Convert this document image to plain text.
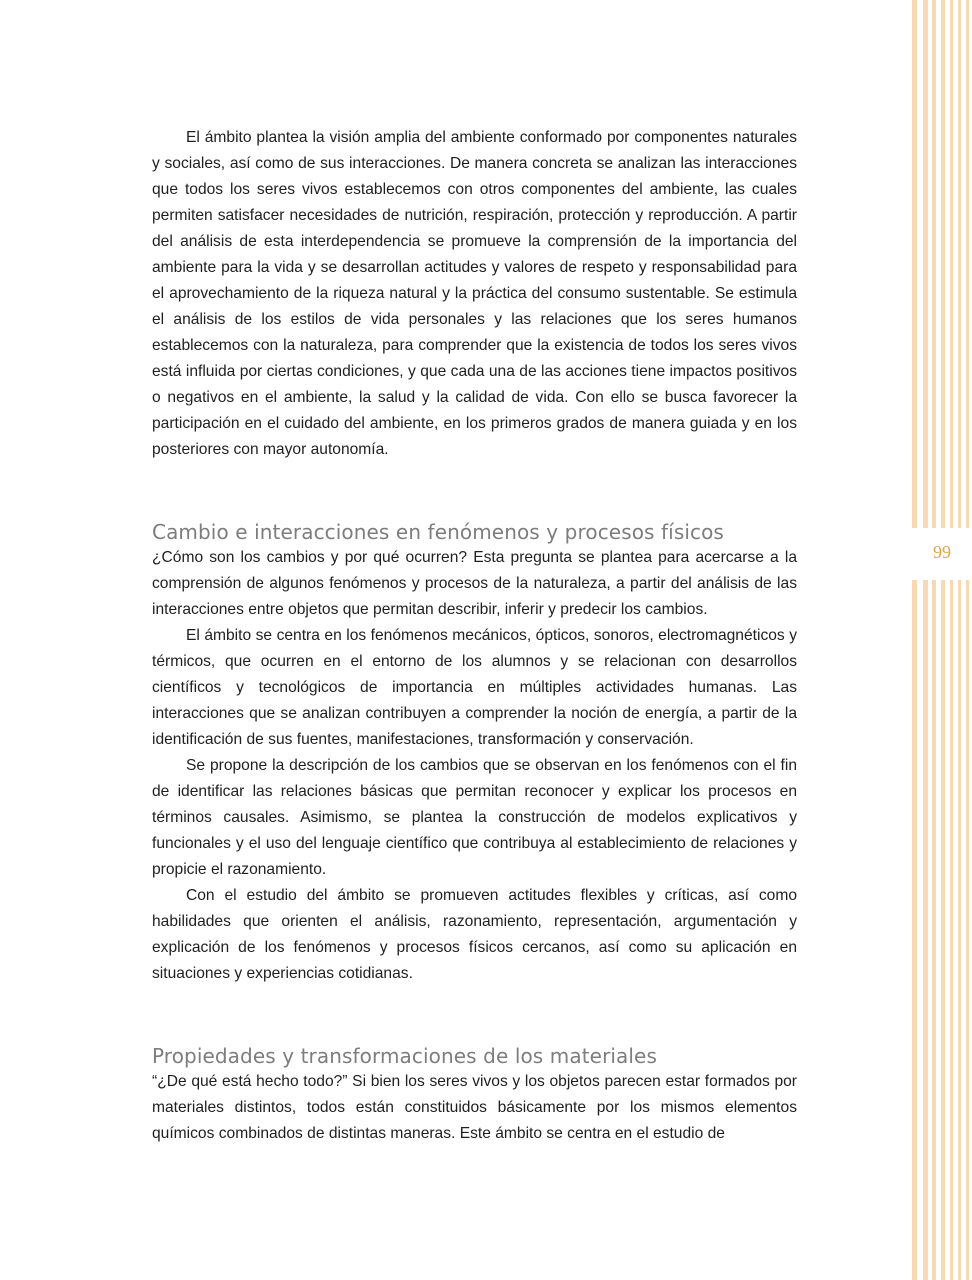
99

El ámbito plantea la visión amplia del ambiente conformado por componentes naturales y sociales, así como de sus interacciones. De manera concreta se analizan las interacciones que todos los seres vivos establecemos con otros componentes del ambiente, las cuales permiten satisfacer necesidades de nutrición, respiración, protección y reproducción. A partir del análisis de esta interdependencia se promueve la comprensión de la importancia del ambiente para la vida y se desarrollan actitudes y valores de respeto y responsabilidad para el aprovechamiento de la riqueza natural y la práctica del consumo sustentable. Se estimula el análisis de los estilos de vida personales y las relaciones que los seres humanos establecemos con la naturaleza, para comprender que la existencia de todos los seres vivos está influida por ciertas condiciones, y que cada una de las acciones tiene impactos positivos o negativos en el ambiente, la salud y la calidad de vida. Con ello se busca favorecer la participación en el cuidado del ambiente, en los primeros grados de manera guiada y en los posteriores con mayor autonomía.

Cambio e interacciones en fenómenos y procesos físicos

¿Cómo son los cambios y por qué ocurren? Esta pregunta se plantea para acercarse a la comprensión de algunos fenómenos y procesos de la naturaleza, a partir del análisis de las interacciones entre objetos que permitan describir, inferir y predecir los cambios.

El ámbito se centra en los fenómenos mecánicos, ópticos, sonoros, electromagnéticos y térmicos, que ocurren en el entorno de los alumnos y se relacionan con desarrollos científicos y tecnológicos de importancia en múltiples actividades humanas. Las interacciones que se analizan contribuyen a comprender la noción de energía, a partir de la identificación de sus fuentes, manifestaciones, transformación y conservación.

Se propone la descripción de los cambios que se observan en los fenómenos con el fin de identificar las relaciones básicas que permitan reconocer y explicar los procesos en términos causales. Asimismo, se plantea la construcción de modelos explicativos y funcionales y el uso del lenguaje científico que contribuya al establecimiento de relaciones y propicie el razonamiento.

Con el estudio del ámbito se promueven actitudes flexibles y críticas, así como habilidades que orienten el análisis, razonamiento, representación, argumentación y explicación de los fenómenos y procesos físicos cercanos, así como su aplicación en situaciones y experiencias cotidianas.

Propiedades y transformaciones de los materiales

“¿De qué está hecho todo?” Si bien los seres vivos y los objetos parecen estar formados por materiales distintos, todos están constituidos básicamente por los mismos elementos químicos combinados de distintas maneras. Este ámbito se centra en el estudio de
